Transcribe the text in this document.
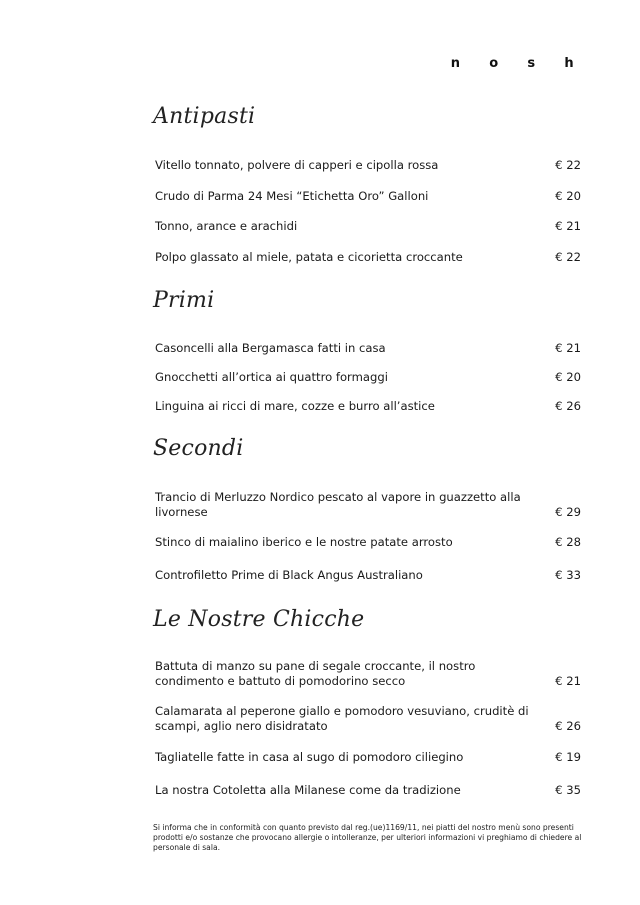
n o s h
Antipasti
Vitello tonnato, polvere di capperi e cipolla rossa	€ 22
Crudo di Parma 24 Mesi “Etichetta Oro” Galloni	€ 20
Tonno, arance e arachidi	€ 21
Polpo glassato al miele, patata e cicorietta croccante	€ 22
Primi
Casoncelli alla Bergamasca fatti in casa	€ 21
Gnocchetti all’ortica ai quattro formaggi	€ 20
Linguina ai ricci di mare, cozze e burro all’astice	€ 26
Secondi
Trancio di Merluzzo Nordico pescato al vapore in guazzetto alla livornese	€ 29
Stinco di maialino iberico e le nostre patate arrosto	€ 28
Controfiletto Prime di Black Angus Australiano	€ 33
Le Nostre Chicche
Battuta di manzo su pane di segale croccante, il nostro condimento e battuto di pomodorino secco	€ 21
Calamarata al peperone giallo e pomodoro vesuviano, cruditè di scampi, aglio nero disidratato	€ 26
Tagliatelle fatte in casa al sugo di pomodoro ciliegino	€ 19
La nostra Cotoletta alla Milanese come da tradizione	€ 35

Si informa che in conformità con quanto previsto dal reg.(ue)1169/11, nei piatti del nostro menù sono presenti prodotti e/o sostanze che provocano allergie o intolleranze, per ulteriori informazioni vi preghiamo di chiedere al personale di sala.
